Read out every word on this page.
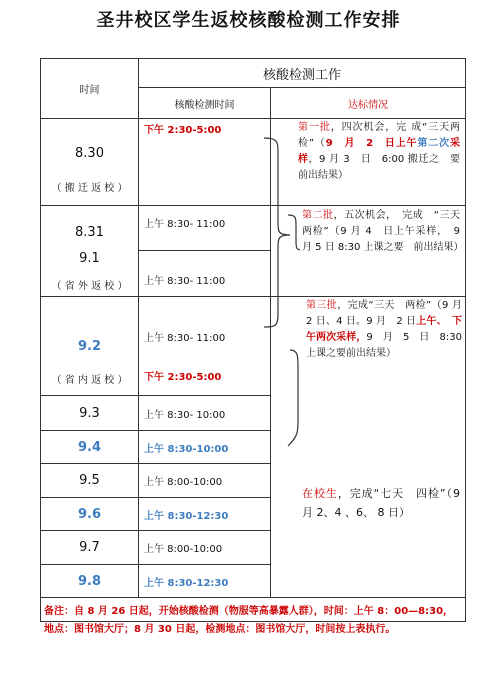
圣井校区学生返校核酸检测工作安排
时间
核酸检测工作
核酸检测时间	达标情况
8.30
（ 搬 迁 返 校 ）
8.31
9.1
（ 省 外 返 校 ）
9.2
（ 省 内 返 校 ）
9.3
9.4
9.5
9.6
9.7
9.8
下午 2:30-5:00
上午 8:30- 11:00
上午 8:30- 11:00
上午 8:30- 11:00
下午 2:30-5:00
上午 8:30- 10:00
上午 8:30-10:00
上午 8:00-10:00
上午 8:30-12:30
上午 8:00-10:00
上午 8:30-12:30
第一批，四次机会，完 成“三天两检”（9　月　2　日上午第二次采样，9 月 3　日　6:00 搬迁之　要前出结果）
第二批，五次机会，　完成　“三天两检”（9 月 4　日上午采样，　9 月 5 日 8:30 上课之要　前出结果）
第三批，完成“三天　两检”（9 月 2 日、4 日。9 月　2 日上午、　下午两次采样，9　月　5　日　8:30 上课之要前出结果）
在校生，完成“七天　四检”（9 月 2、4 、6、 8 日）
备注：自 8 月 26 日起，开始核酸检测（物服等高暴露人群），时间：上午 8：00—8:30，
地点：图书馆大厅；8 月 30 日起，检测地点：图书馆大厅，时间按上表执行。
